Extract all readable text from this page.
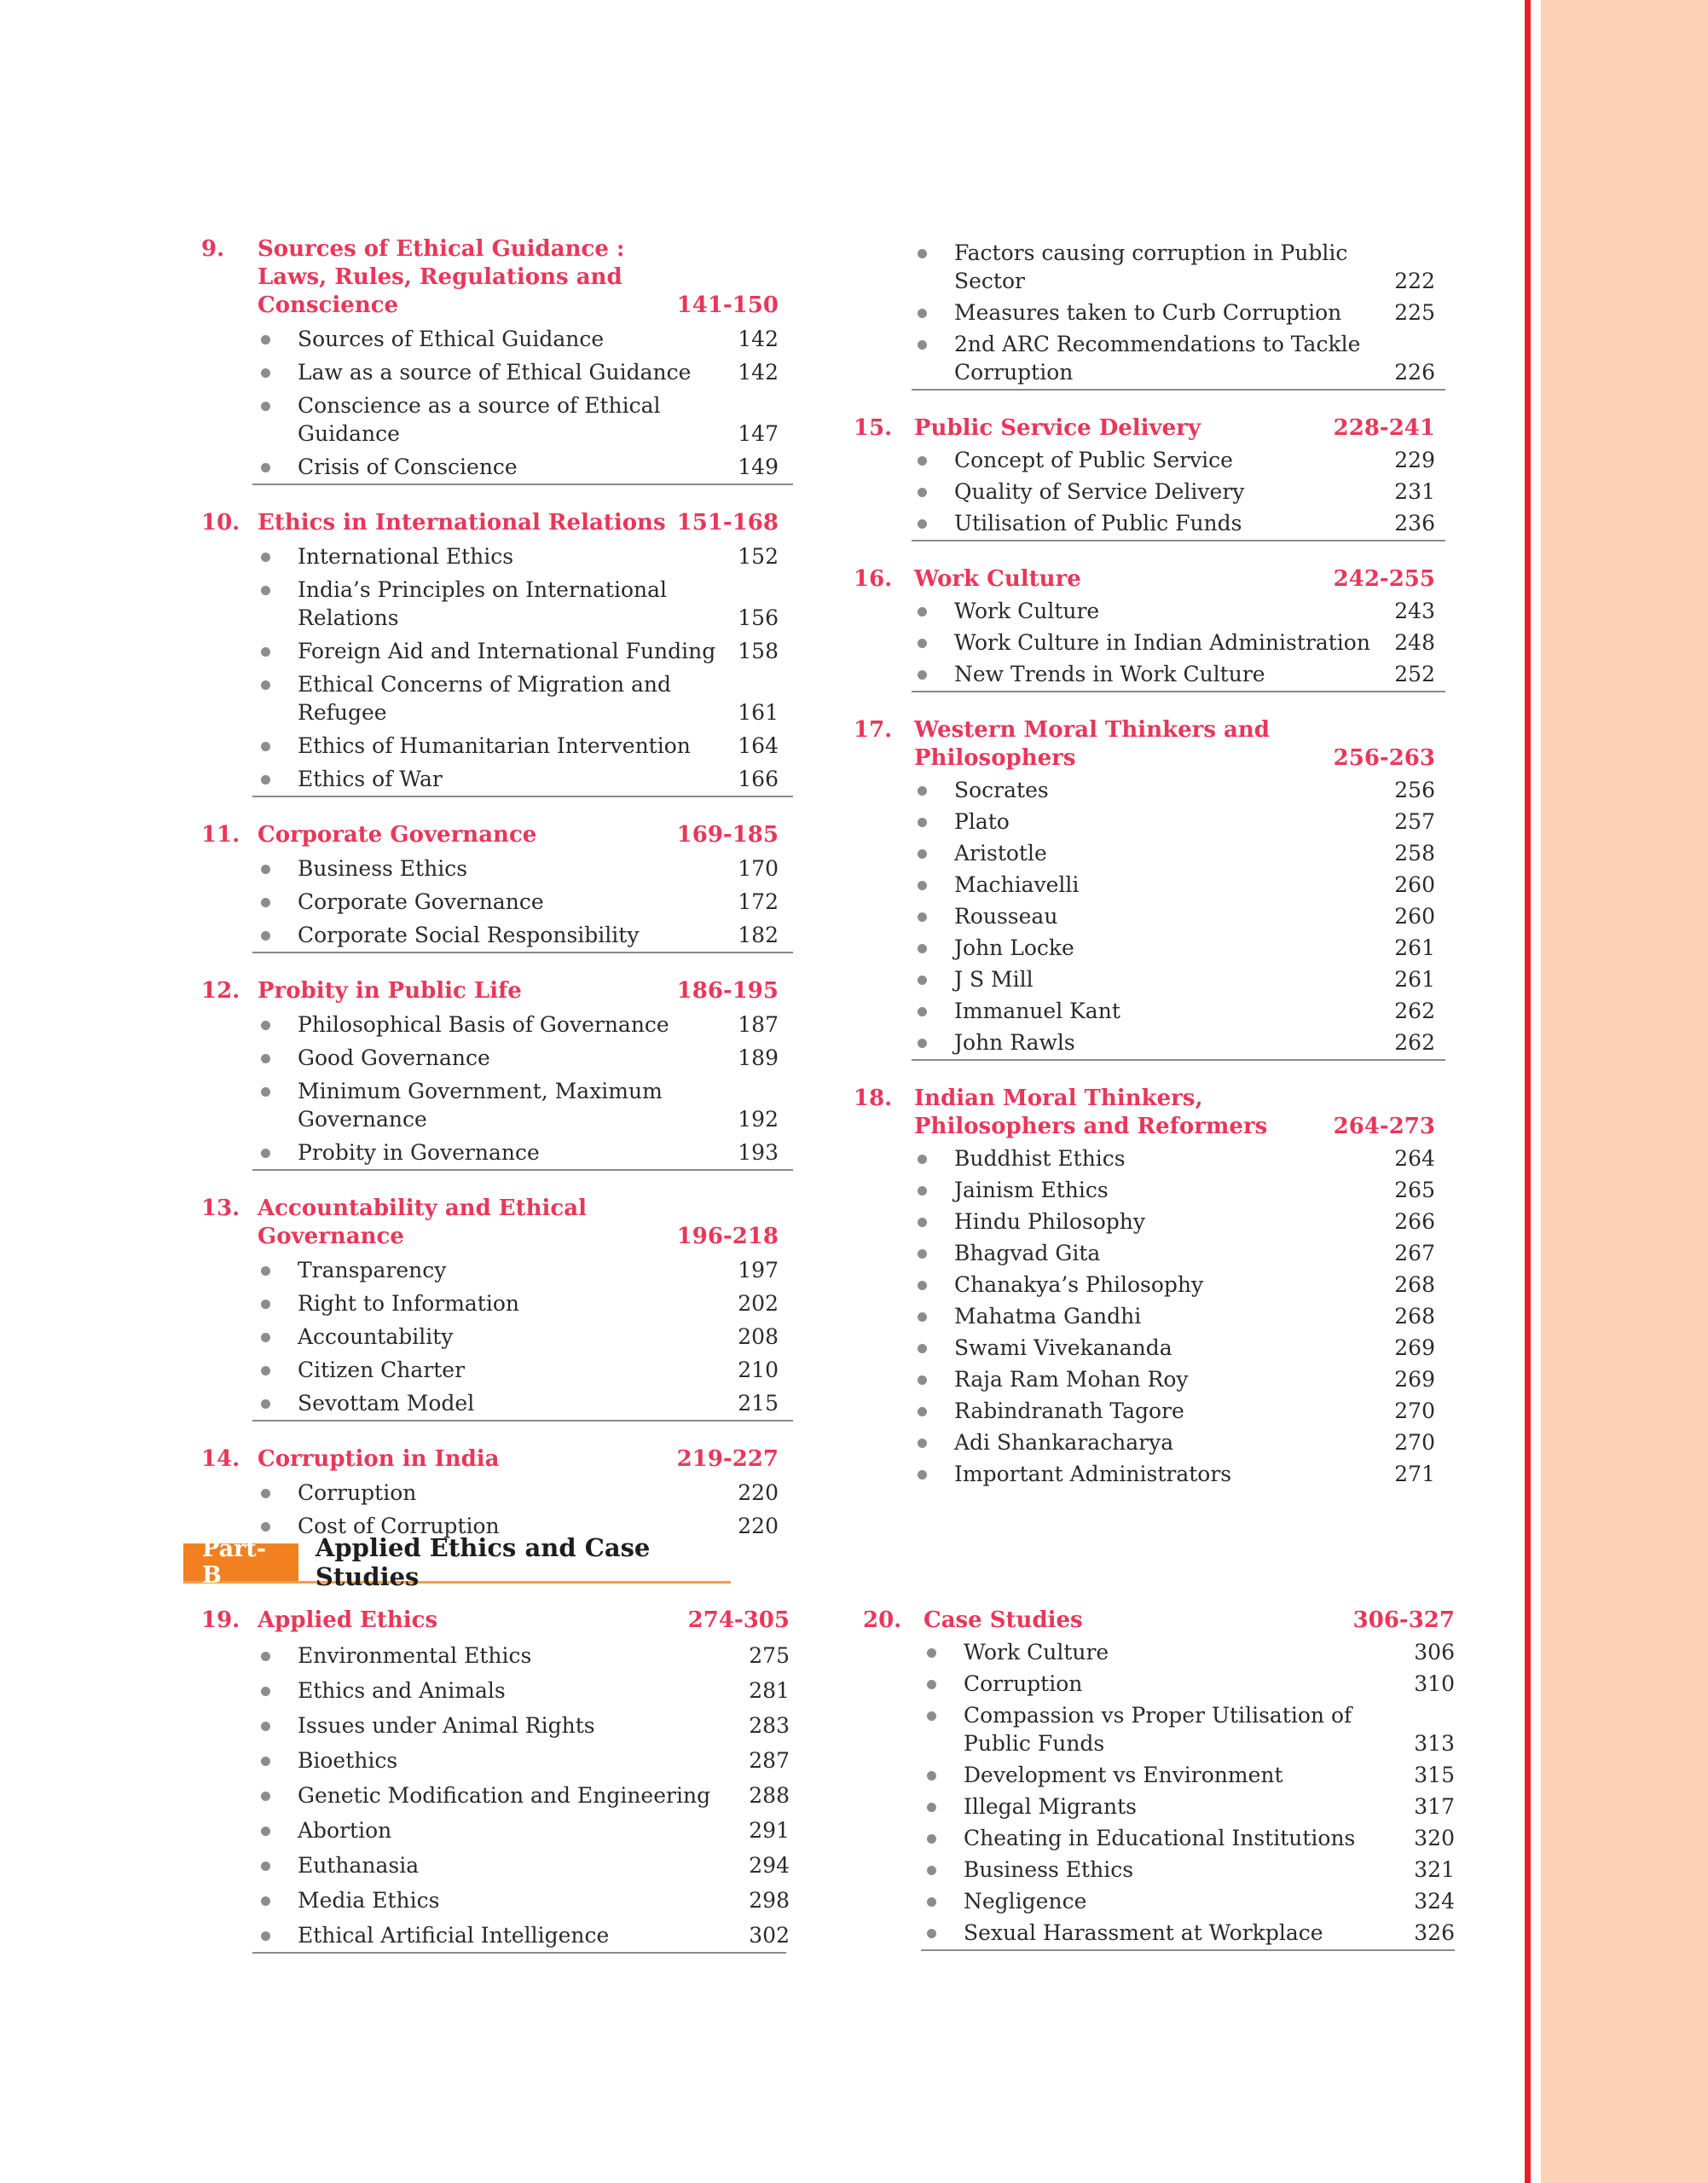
9. Sources of Ethical Guidance : Laws, Rules, Regulations and Conscience	141-150
Sources of Ethical Guidance	142
Law as a source of Ethical Guidance	142
Conscience as a source of Ethical Guidance	147
Crisis of Conscience	149
10. Ethics in International Relations 151-168
International Ethics	152
India’s Principles on International Relations	156
Foreign Aid and International Funding	158
Ethical Concerns of Migration and Refugee	161
Ethics of Humanitarian Intervention	164
Ethics of War	166
11. Corporate Governance	169-185
Business Ethics	170
Corporate Governance	172
Corporate Social Responsibility	182
12. Probity in Public Life	186-195
Philosophical Basis of Governance	187
Good Governance	189
Minimum Government, Maximum Governance	192
Probity in Governance	193
13. Accountability and Ethical Governance	196-218
Transparency	197
Right to Information	202
Accountability	208
Citizen Charter	210
Sevottam Model	215
14. Corruption in India	219-227
Corruption	220
Cost of Corruption	220
Factors causing corruption in Public Sector	222
Measures taken to Curb Corruption	225
2nd ARC Recommendations to Tackle Corruption	226
15. Public Service Delivery	228-241
Concept of Public Service	229
Quality of Service Delivery	231
Utilisation of Public Funds	236
16. Work Culture	242-255
Work Culture	243
Work Culture in Indian Administration	248
New Trends in Work Culture	252
17. Western Moral Thinkers and Philosophers	256-263
Socrates	256
Plato	257
Aristotle	258
Machiavelli	260
Rousseau	260
John Locke	261
J S Mill	261
Immanuel Kant	262
John Rawls	262
18. Indian Moral Thinkers, Philosophers and Reformers	264-273
Buddhist Ethics	264
Jainism Ethics	265
Hindu Philosophy	266
Bhagvad Gita	267
Chanakya’s Philosophy	268
Mahatma Gandhi	268
Swami Vivekananda	269
Raja Ram Mohan Roy	269
Rabindranath Tagore	270
Adi Shankaracharya	270
Important Administrators	271
Part-B
Applied Ethics and Case Studies
19. Applied Ethics	274-305
Environmental Ethics	275
Ethics and Animals	281
Issues under Animal Rights	283
Bioethics	287
Genetic Modification and Engineering	288
Abortion	291
Euthanasia	294
Media Ethics	298
Ethical Artificial Intelligence	302
20. Case Studies	306-327
Work Culture	306
Corruption	310
Compassion vs Proper Utilisation of Public Funds	313
Development vs Environment	315
Illegal Migrants	317
Cheating in Educational Institutions	320
Business Ethics	321
Negligence	324
Sexual Harassment at Workplace	326
